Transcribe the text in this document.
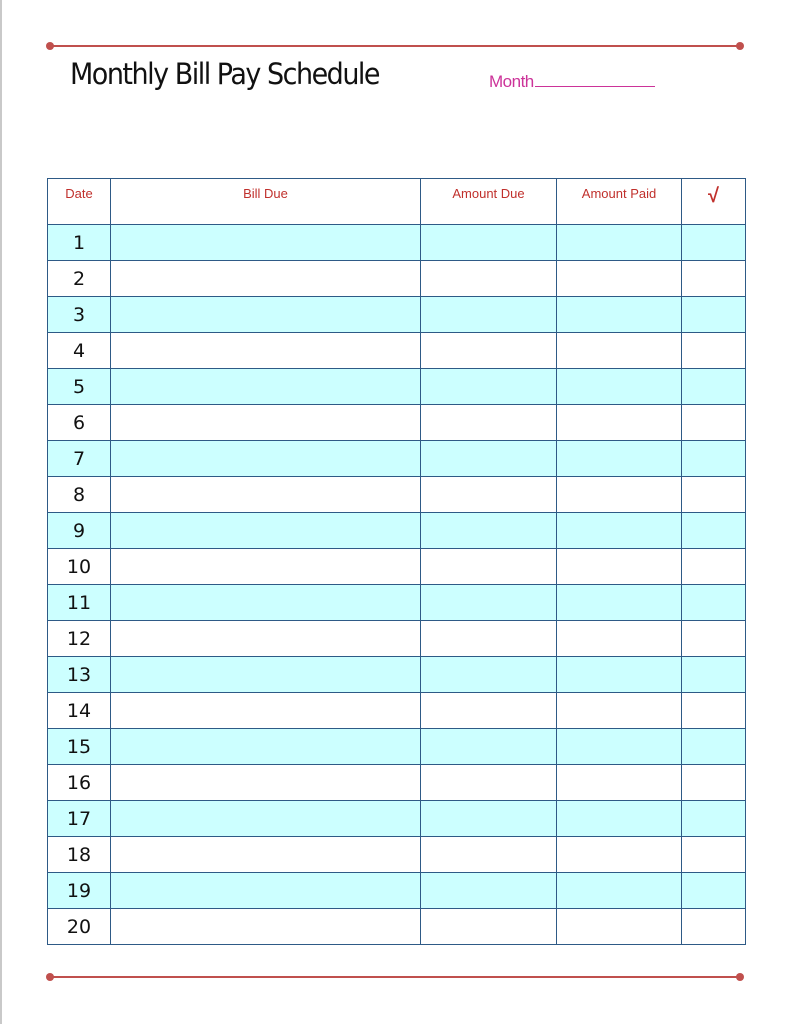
Monthly Bill Pay Schedule	Month
Date	Bill Due	Amount Due	Amount Paid	√
1				
2				
3				
4				
5				
6				
7				
8				
9				
10				
11				
12				
13				
14				
15				
16				
17				
18				
19				
20				
